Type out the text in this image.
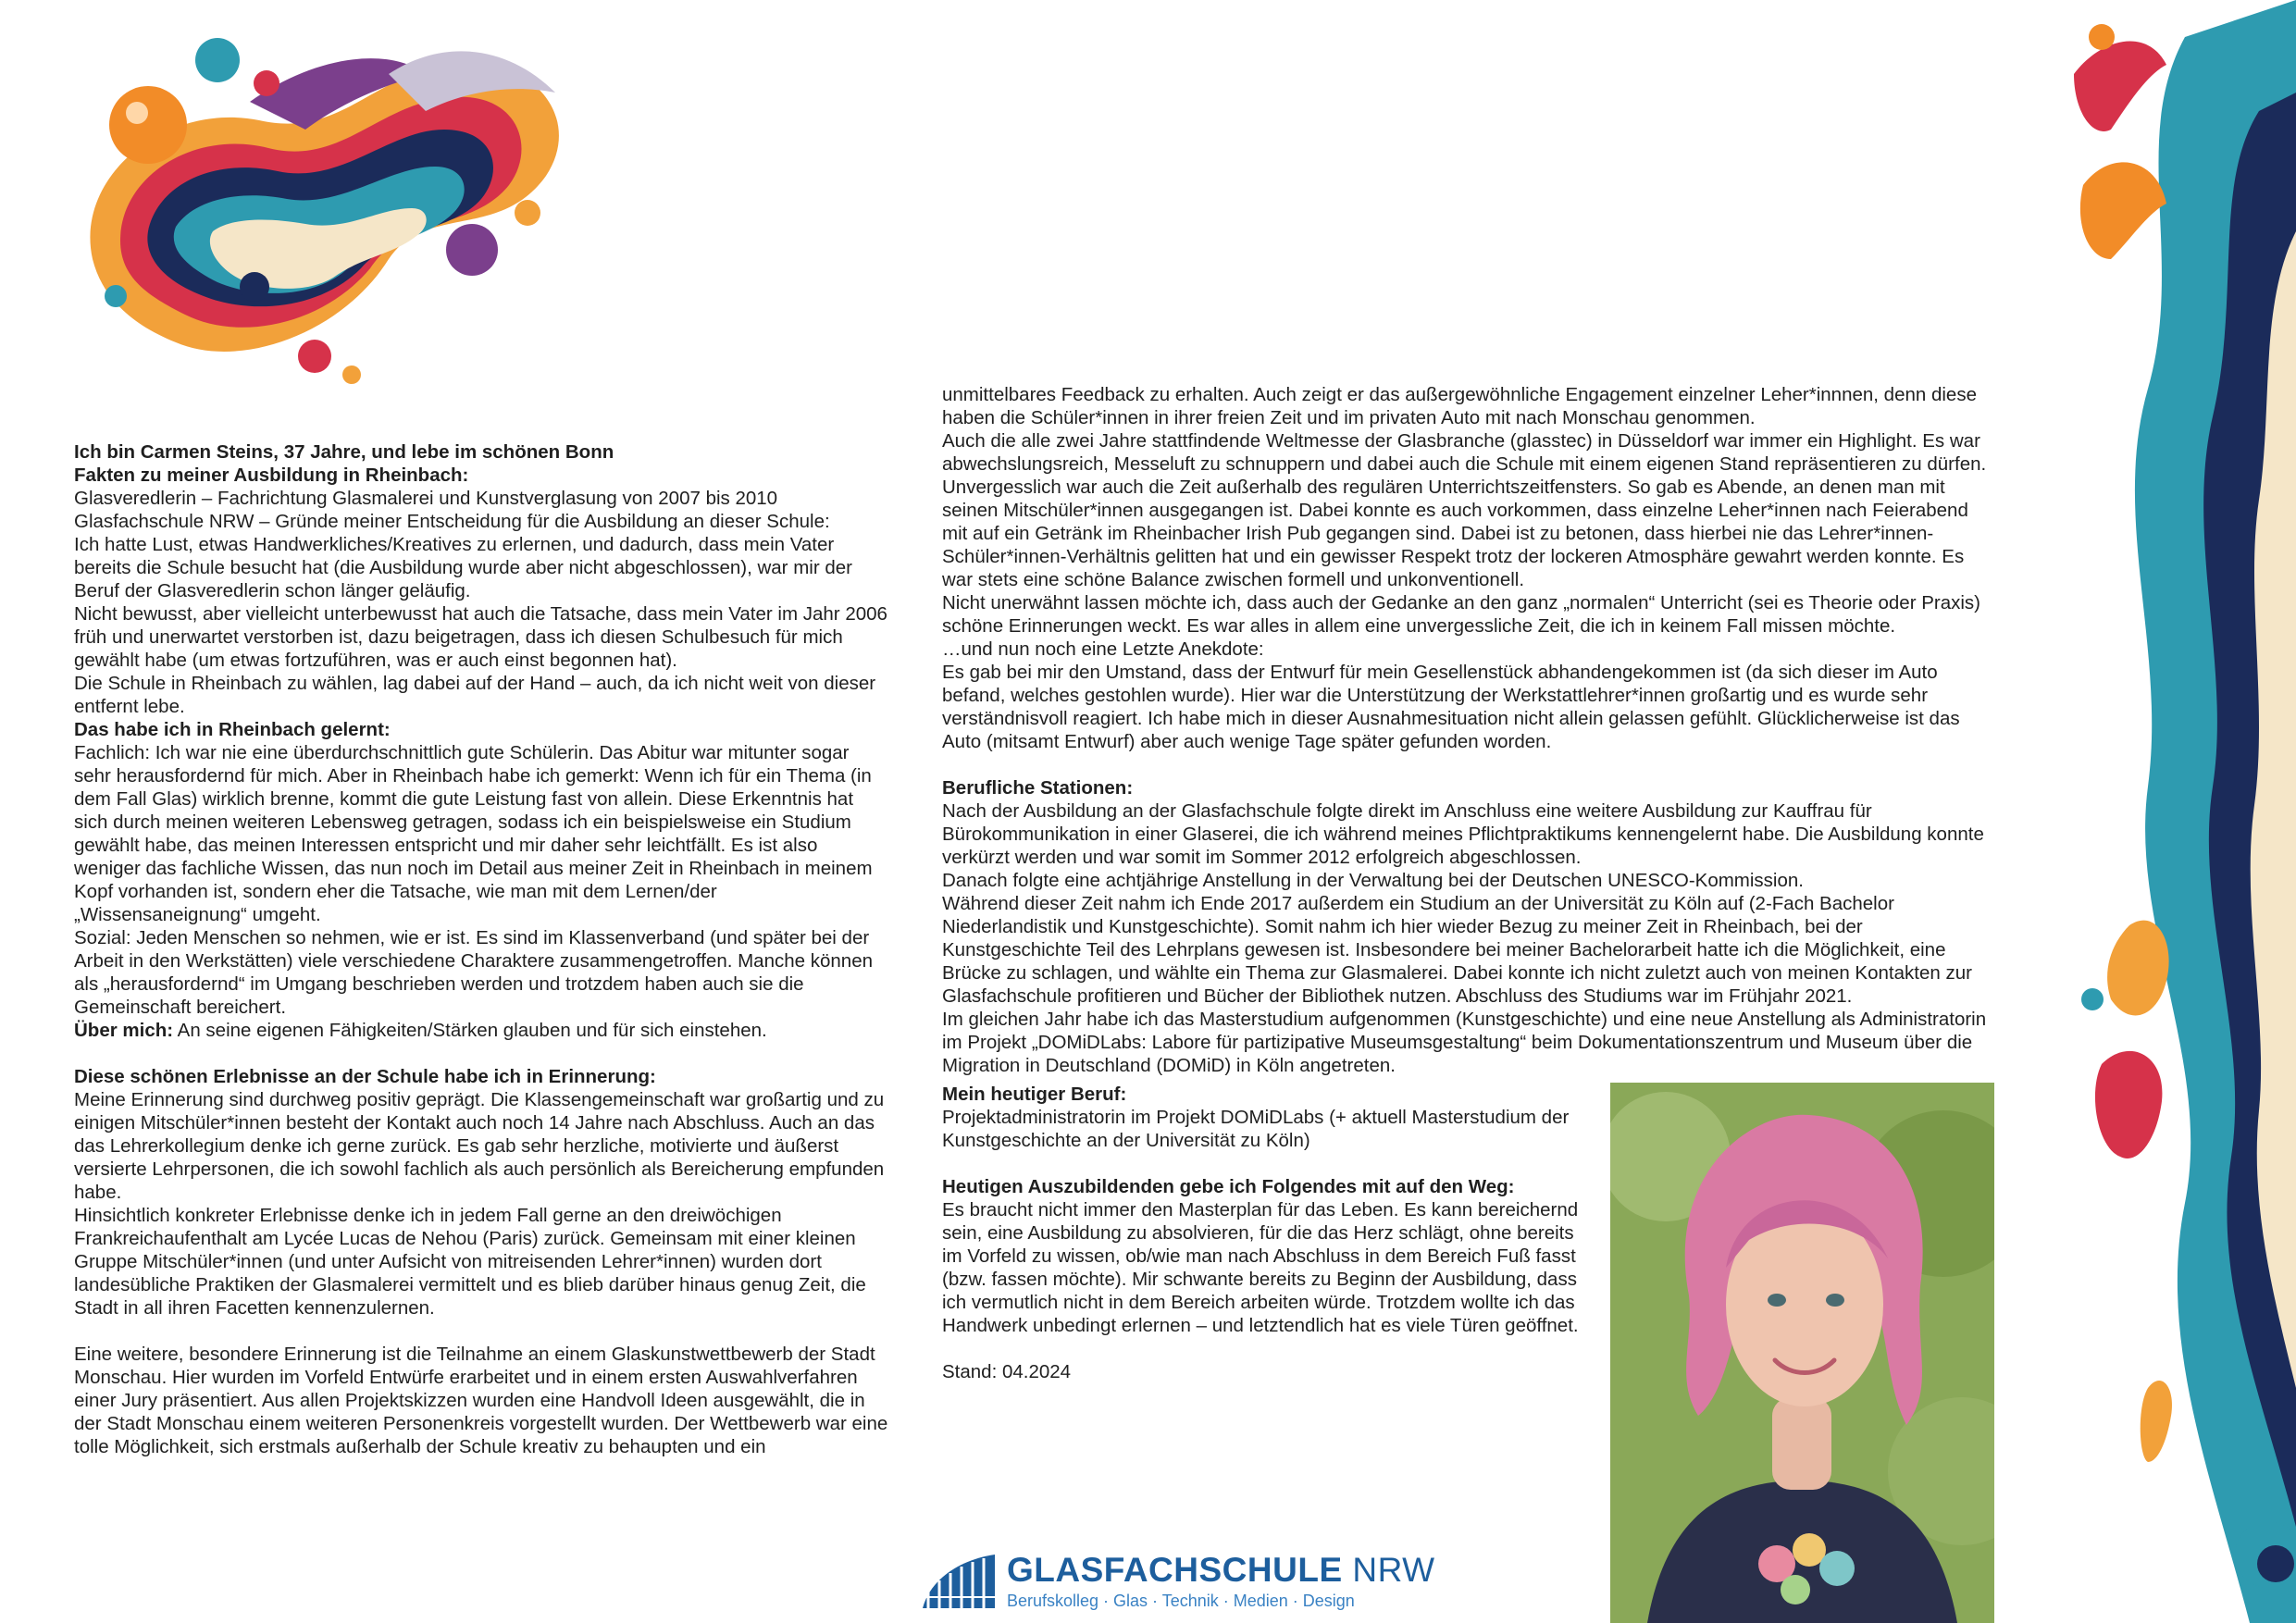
Ich bin Carmen Steins, 37 Jahre, und lebe im schönen Bonn

Fakten zu meiner Ausbildung in Rheinbach:

Glasveredlerin – Fachrichtung Glasmalerei und Kunstverglasung von 2007 bis 2010

Glasfachschule NRW – Gründe meiner Entscheidung für die Ausbildung an dieser Schule:

Ich hatte Lust, etwas Handwerkliches/Kreatives zu erlernen, und dadurch, dass mein Vater bereits die Schule besucht hat (die Ausbildung wurde aber nicht abgeschlossen), war mir der Beruf der Glasveredlerin schon länger geläufig.

Nicht bewusst, aber vielleicht unterbewusst hat auch die Tatsache, dass mein Vater im Jahr 2006 früh und unerwartet verstorben ist, dazu beigetragen, dass ich diesen Schulbesuch für mich gewählt habe (um etwas fortzuführen, was er auch einst begonnen hat).

Die Schule in Rheinbach zu wählen, lag dabei auf der Hand – auch, da ich nicht weit von dieser entfernt lebe.

Das habe ich in Rheinbach gelernt:

Fachlich: Ich war nie eine überdurchschnittlich gute Schülerin. Das Abitur war mitunter sogar sehr herausfordernd für mich. Aber in Rheinbach habe ich gemerkt: Wenn ich für ein Thema (in dem Fall Glas) wirklich brenne, kommt die gute Leistung fast von allein. Diese Erkenntnis hat sich durch meinen weiteren Lebensweg getragen, sodass ich ein beispielsweise ein Studium gewählt habe, das meinen Interessen entspricht und mir daher sehr leichtfällt. Es ist also weniger das fachliche Wissen, das nun noch im Detail aus meiner Zeit in Rheinbach in meinem Kopf vorhanden ist, sondern eher die Tatsache, wie man mit dem Lernen/der „Wissensaneignung“ umgeht.

Sozial: Jeden Menschen so nehmen, wie er ist. Es sind im Klassenverband (und später bei der Arbeit in den Werkstätten) viele verschiedene Charaktere zusammengetroffen. Manche können als „herausfordernd“ im Umgang beschrieben werden und trotzdem haben auch sie die Gemeinschaft bereichert.

Über mich: An seine eigenen Fähigkeiten/Stärken glauben und für sich einstehen.

Diese schönen Erlebnisse an der Schule habe ich in Erinnerung:

Meine Erinnerung sind durchweg positiv geprägt. Die Klassengemeinschaft war großartig und zu einigen Mitschüler*innen besteht der Kontakt auch noch 14 Jahre nach Abschluss. Auch an das das Lehrerkollegium denke ich gerne zurück. Es gab sehr herzliche, motivierte und äußerst versierte Lehrpersonen, die ich sowohl fachlich als auch persönlich als Bereicherung empfunden habe.

Hinsichtlich konkreter Erlebnisse denke ich in jedem Fall gerne an den dreiwöchigen Frankreichaufenthalt am Lycée Lucas de Nehou (Paris) zurück. Gemeinsam mit einer kleinen Gruppe Mitschüler*innen (und unter Aufsicht von mitreisenden Lehrer*innen) wurden dort landesübliche Praktiken der Glasmalerei vermittelt und es blieb darüber hinaus genug Zeit, die Stadt in all ihren Facetten kennenzulernen.

Eine weitere, besondere Erinnerung ist die Teilnahme an einem Glaskunstwettbewerb der Stadt Monschau. Hier wurden im Vorfeld Entwürfe erarbeitet und in einem ersten Auswahlverfahren einer Jury präsentiert. Aus allen Projektskizzen wurden eine Handvoll Ideen ausgewählt, die in der Stadt Monschau einem weiteren Personenkreis vorgestellt wurden. Der Wettbewerb war eine tolle Möglichkeit, sich erstmals außerhalb der Schule kreativ zu behaupten und ein

unmittelbares Feedback zu erhalten. Auch zeigt er das außergewöhnliche Engagement einzelner Leher*innnen, denn diese haben die Schüler*innen in ihrer freien Zeit und im privaten Auto mit nach Monschau genommen.

Auch die alle zwei Jahre stattfindende Weltmesse der Glasbranche (glasstec) in Düsseldorf war immer ein Highlight. Es war abwechslungsreich, Messeluft zu schnuppern und dabei auch die Schule mit einem eigenen Stand repräsentieren zu dürfen.

Unvergesslich war auch die Zeit außerhalb des regulären Unterrichtszeitfensters. So gab es Abende, an denen man mit seinen Mitschüler*innen ausgegangen ist. Dabei konnte es auch vorkommen, dass einzelne Leher*innen nach Feierabend mit auf ein Getränk im Rheinbacher Irish Pub gegangen sind. Dabei ist zu betonen, dass hierbei nie das Lehrer*innen-Schüler*innen-Verhältnis gelitten hat und ein gewisser Respekt trotz der lockeren Atmosphäre gewahrt werden konnte. Es war stets eine schöne Balance zwischen formell und unkonventionell.

Nicht unerwähnt lassen möchte ich, dass auch der Gedanke an den ganz „normalen“ Unterricht (sei es Theorie oder Praxis) schöne Erinnerungen weckt. Es war alles in allem eine unvergessliche Zeit, die ich in keinem Fall missen möchte.

…und nun noch eine Letzte Anekdote:

Es gab bei mir den Umstand, dass der Entwurf für mein Gesellenstück abhandengekommen ist (da sich dieser im Auto befand, welches gestohlen wurde). Hier war die Unterstützung der Werkstattlehrer*innen großartig und es wurde sehr verständnisvoll reagiert. Ich habe mich in dieser Ausnahmesituation nicht allein gelassen gefühlt. Glücklicherweise ist das Auto (mitsamt Entwurf) aber auch wenige Tage später gefunden worden.

Berufliche Stationen:

Nach der Ausbildung an der Glasfachschule folgte direkt im Anschluss eine weitere Ausbildung zur Kauffrau für Bürokommunikation in einer Glaserei, die ich während meines Pflichtpraktikums kennengelernt habe. Die Ausbildung konnte verkürzt werden und war somit im Sommer 2012 erfolgreich abgeschlossen.

Danach folgte eine achtjährige Anstellung in der Verwaltung bei der Deutschen UNESCO-Kommission.

Während dieser Zeit nahm ich Ende 2017 außerdem ein Studium an der Universität zu Köln auf (2-Fach Bachelor Niederlandistik und Kunstgeschichte). Somit nahm ich hier wieder Bezug zu meiner Zeit in Rheinbach, bei der Kunstgeschichte Teil des Lehrplans gewesen ist. Insbesondere bei meiner Bachelorarbeit hatte ich die Möglichkeit, eine Brücke zu schlagen, und wählte ein Thema zur Glasmalerei. Dabei konnte ich nicht zuletzt auch von meinen Kontakten zur Glasfachschule profitieren und Bücher der Bibliothek nutzen. Abschluss des Studiums war im Frühjahr 2021.

Im gleichen Jahr habe ich das Masterstudium aufgenommen (Kunstgeschichte) und eine neue Anstellung als Administratorin im Projekt „DOMiDLabs: Labore für partizipative Museumsgestaltung“ beim Dokumentationszentrum und Museum über die Migration in Deutschland (DOMiD) in Köln angetreten.

Mein heutiger Beruf:

Projektadministratorin im Projekt DOMiDLabs (+ aktuell Masterstudium der Kunstgeschichte an der Universität zu Köln)

Heutigen Auszubildenden gebe ich Folgendes mit auf den Weg:

Es braucht nicht immer den Masterplan für das Leben. Es kann bereichernd sein, eine Ausbildung zu absolvieren, für die das Herz schlägt, ohne bereits im Vorfeld zu wissen, ob/wie man nach Abschluss in dem Bereich Fuß fasst (bzw. fassen möchte). Mir schwante bereits zu Beginn der Ausbildung, dass ich vermutlich nicht in dem Bereich arbeiten würde. Trotzdem wollte ich das Handwerk unbedingt erlernen – und letztendlich hat es viele Türen geöffnet.

Stand: 04.2024

GLASFACHSCHULE NRW
Berufskolleg · Glas · Technik · Medien · Design
